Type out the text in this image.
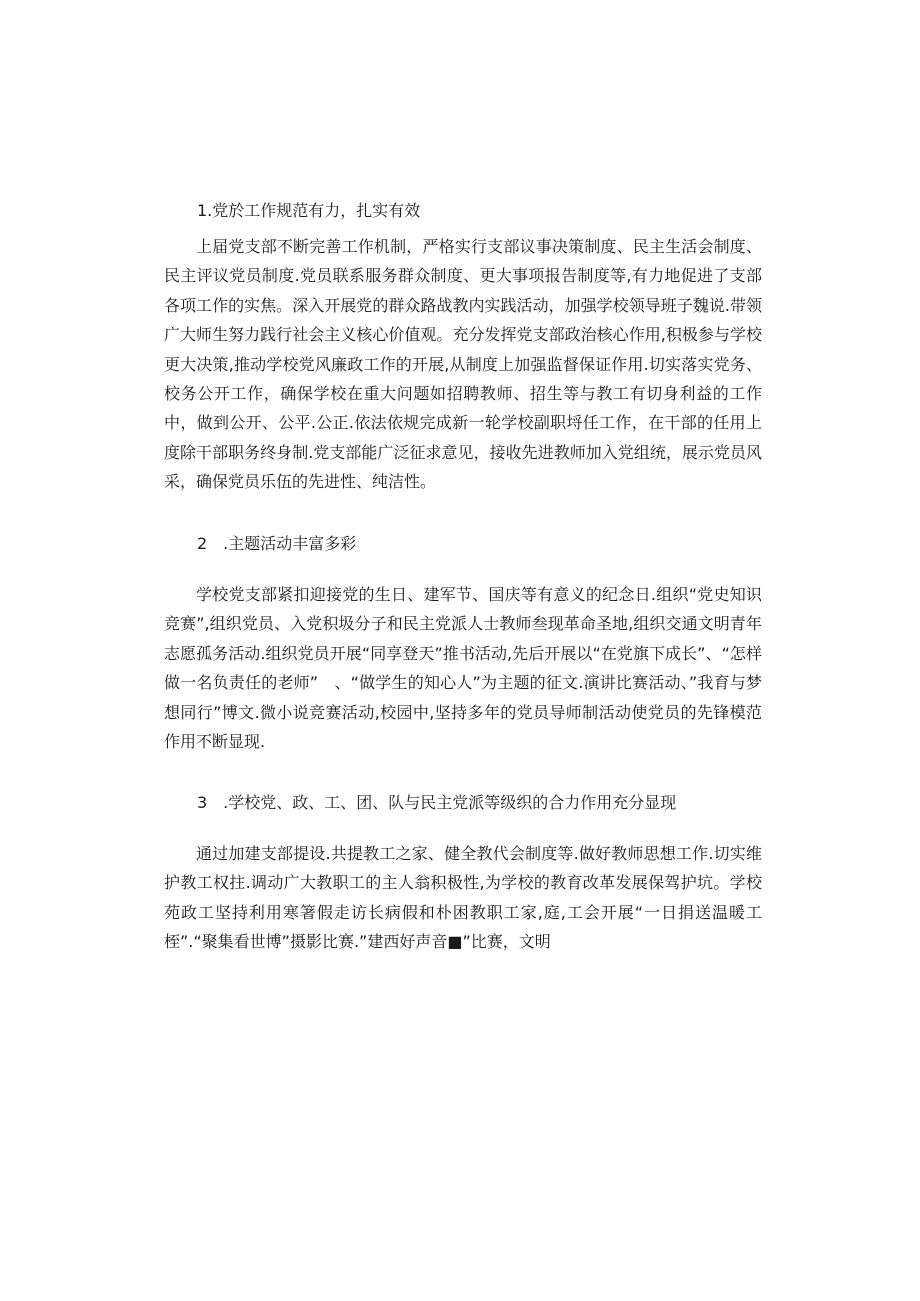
1.党於工作规范有力，扎实有效

上届党支部不断完善工作机制，严格实行支部议事决策制度、民主生活会制度、民主评议党员制度.党员联系服务群众制度、更大事项报告制度等,有力地促进了支部各项工作的实焦。深入开展党的群众路战教内实践活动，加强学校领导班子魏说.带领广大师生努力践行社会主义核心价值观。充分发挥党支部政治核心作用,积极参与学校更大决策,推动学校党风廉政工作的开展,从制度上加强监督保证作用.切实落实党务、校务公开工作，确保学校在重大问题如招聘教师、招生等与教工有切身利益的工作中，做到公开、公平.公正.依法依规完成新一轮学校副职埒任工作，在干部的任用上度除干部职务终身制.党支部能广泛征求意见，接收先进教师加入党组统，展示党员风采，确保党员乐伍的先进性、纯洁性。

2 .主题活动丰富多彩

学校党支部紧扣迎接党的生日、建军节、国庆等有意义的纪念日.组织“党史知识竞赛”,组织党员、入党积圾分子和民主党派人士教师叁现革命圣地,组织交通文明青年志愿孤务活动.组织党员开展“同享登天”推书活动,先后开展以“在党旗下成长”、“怎样做一名负责任的老师”　、“做学生的知心人”为主题的征文.演讲比赛活动、”我育与梦想同行”博文.微小说竞赛活动,校园中,坚持多年的党员导师制活动使党员的先锋模范作用不断显现.

3 .学校党、政、工、团、队与民主党派等级织的合力作用充分显现

通过加建支部提设.共提教工之家、健全教代会制度等.做好教师思想工作.切实维护教工权拄.调动广大教职工的主人翁积极性,为学校的教育改革发展保驾护坑。学校苑政工坚持利用寒箸假走访长病假和朴困教职工家,庭,工会开展“一日捐送温暖工桎”.“聚集看世博”摄影比赛.”建西好声音■”比赛，文明
